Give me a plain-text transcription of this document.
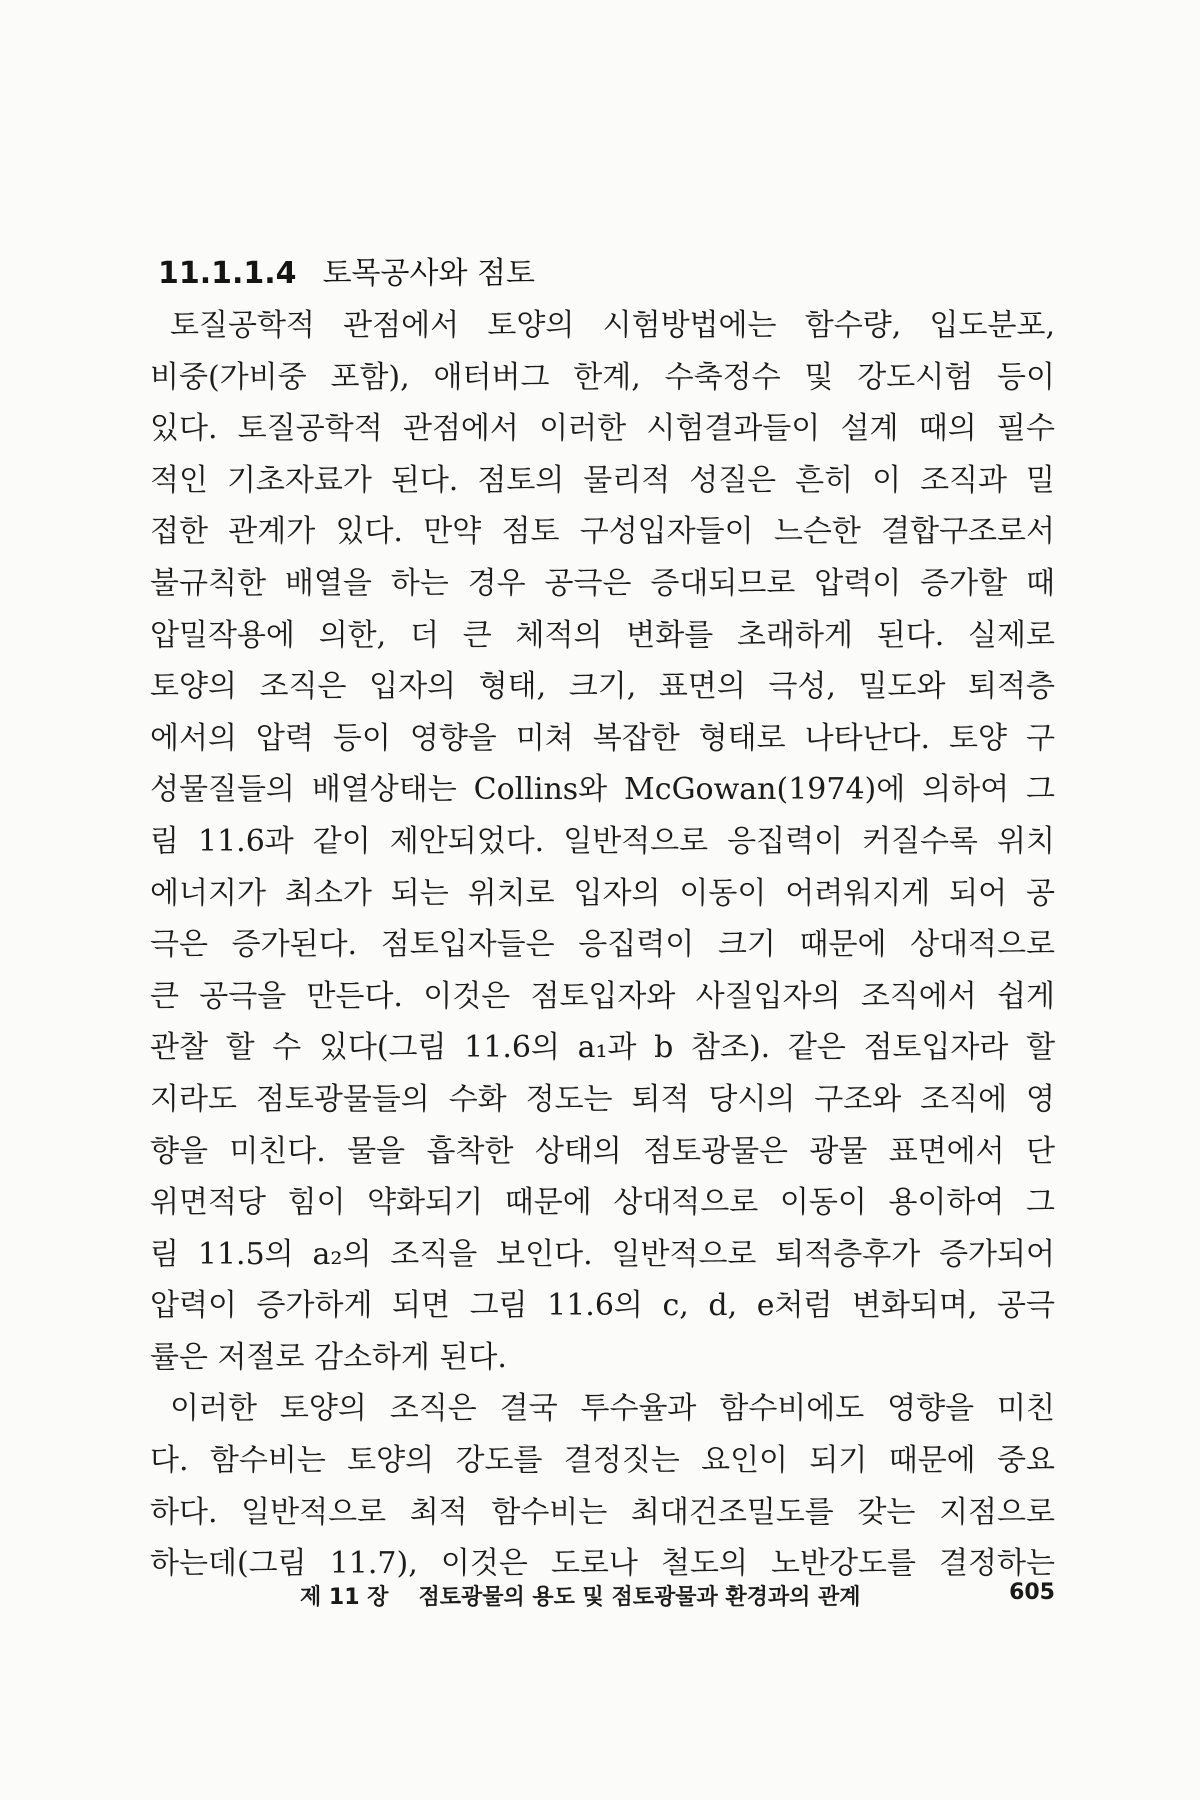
11.1.1.4 토목공사와 점토
토질공학적 관점에서 토양의 시험방법에는 함수량, 입도분포,
비중(가비중 포함), 애터버그 한계, 수축정수 및 강도시험 등이
있다. 토질공학적 관점에서 이러한 시험결과들이 설계 때의 필수
적인 기초자료가 된다. 점토의 물리적 성질은 흔히 이 조직과 밀
접한 관계가 있다. 만약 점토 구성입자들이 느슨한 결합구조로서
불규칙한 배열을 하는 경우 공극은 증대되므로 압력이 증가할 때
압밀작용에 의한, 더 큰 체적의 변화를 초래하게 된다. 실제로
토양의 조직은 입자의 형태, 크기, 표면의 극성, 밀도와 퇴적층
에서의 압력 등이 영향을 미쳐 복잡한 형태로 나타난다. 토양 구
성물질들의 배열상태는 Collins와 McGowan(1974)에 의하여 그
림 11.6과 같이 제안되었다. 일반적으로 응집력이 커질수록 위치
에너지가 최소가 되는 위치로 입자의 이동이 어려워지게 되어 공
극은 증가된다. 점토입자들은 응집력이 크기 때문에 상대적으로
큰 공극을 만든다. 이것은 점토입자와 사질입자의 조직에서 쉽게
관찰 할 수 있다(그림 11.6의 a₁과 b 참조). 같은 점토입자라 할
지라도 점토광물들의 수화 정도는 퇴적 당시의 구조와 조직에 영
향을 미친다. 물을 흡착한 상태의 점토광물은 광물 표면에서 단
위면적당 힘이 약화되기 때문에 상대적으로 이동이 용이하여 그
림 11.5의 a₂의 조직을 보인다. 일반적으로 퇴적층후가 증가되어
압력이 증가하게 되면 그림 11.6의 c, d, e처럼 변화되며, 공극
률은 저절로 감소하게 된다.
이러한 토양의 조직은 결국 투수율과 함수비에도 영향을 미친
다. 함수비는 토양의 강도를 결정짓는 요인이 되기 때문에 중요
하다. 일반적으로 최적 함수비는 최대건조밀도를 갖는 지점으로
하는데(그림 11.7), 이것은 도로나 철도의 노반강도를 결정하는
제 11 장 점토광물의 용도 및 점토광물과 환경과의 관계	605
